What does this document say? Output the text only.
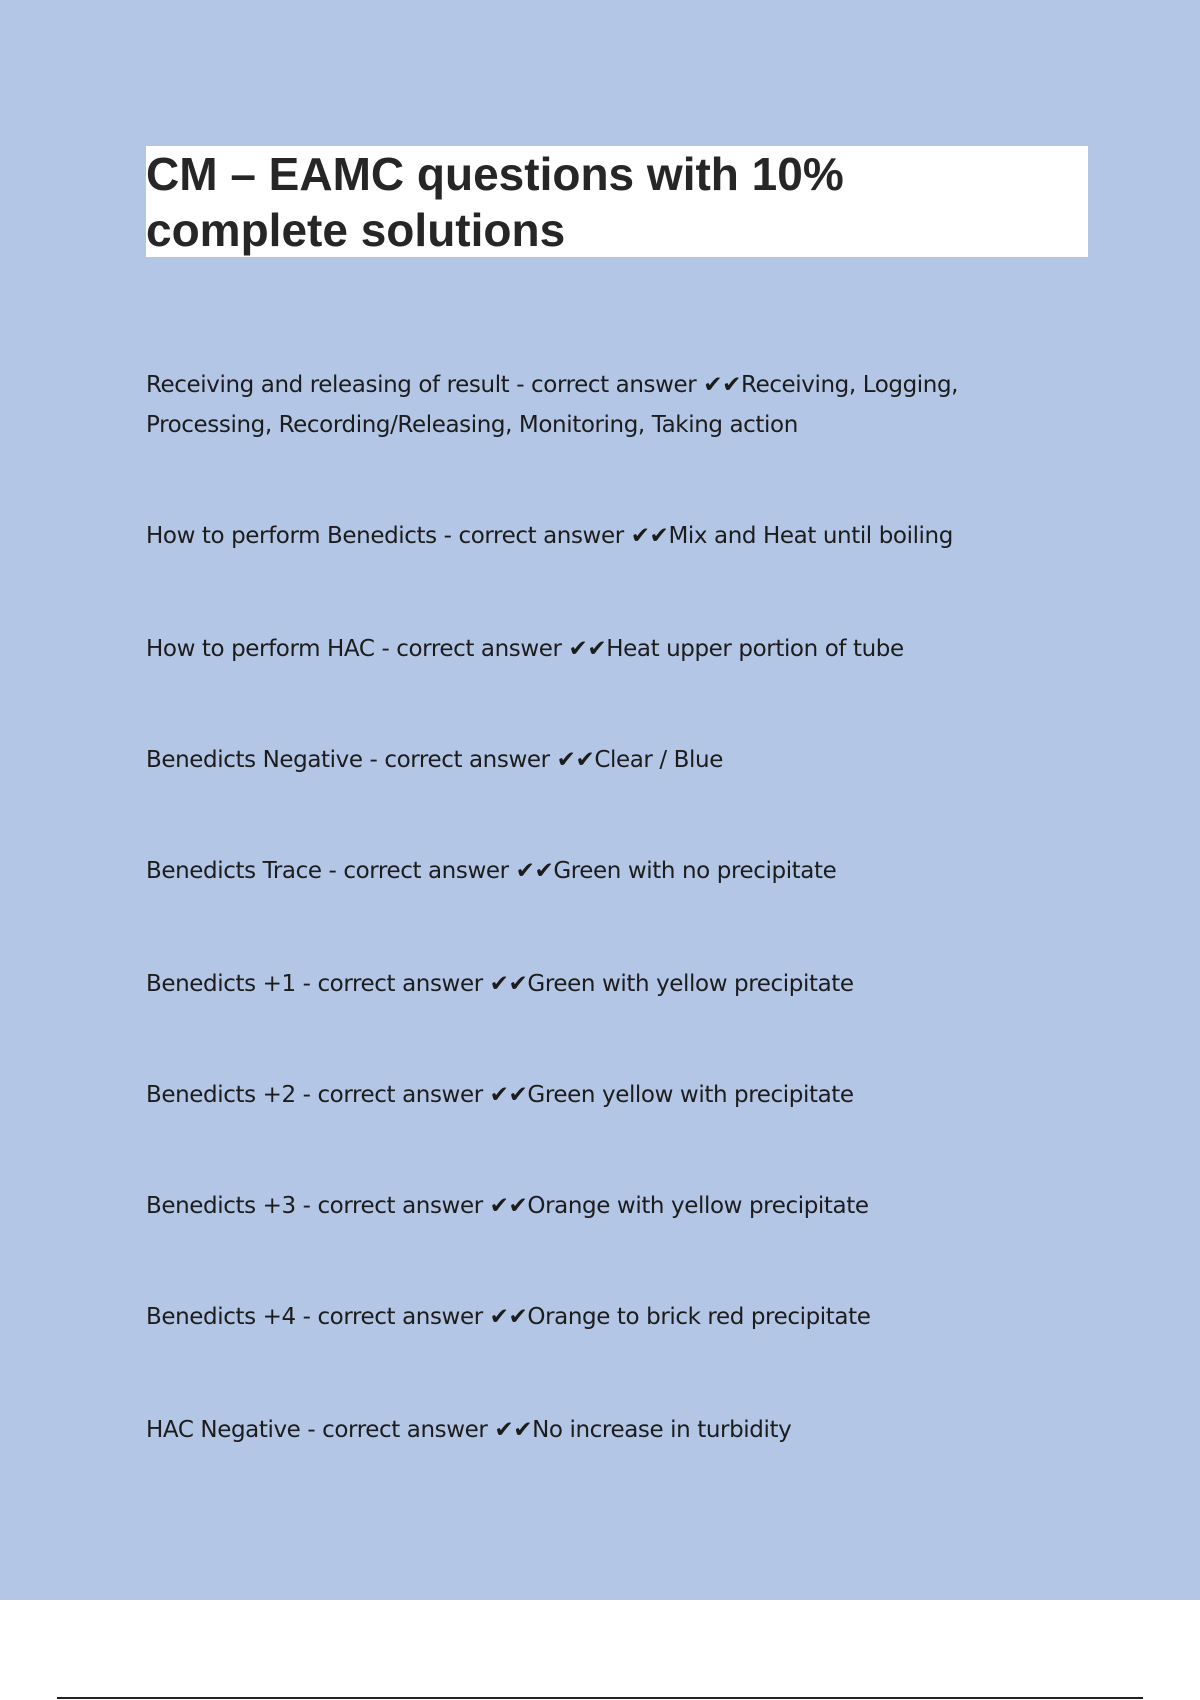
CM – EAMC questions with 10% complete solutions

Receiving and releasing of result - correct answer ✔✔Receiving, Logging, Processing, Recording/Releasing, Monitoring, Taking action

How to perform Benedicts - correct answer ✔✔Mix and Heat until boiling

How to perform HAC - correct answer ✔✔Heat upper portion of tube

Benedicts Negative - correct answer ✔✔Clear / Blue

Benedicts Trace - correct answer ✔✔Green with no precipitate

Benedicts +1 - correct answer ✔✔Green with yellow precipitate

Benedicts +2 - correct answer ✔✔Green yellow with precipitate

Benedicts +3 - correct answer ✔✔Orange with yellow precipitate

Benedicts +4 - correct answer ✔✔Orange to brick red precipitate

HAC Negative - correct answer ✔✔No increase in turbidity
